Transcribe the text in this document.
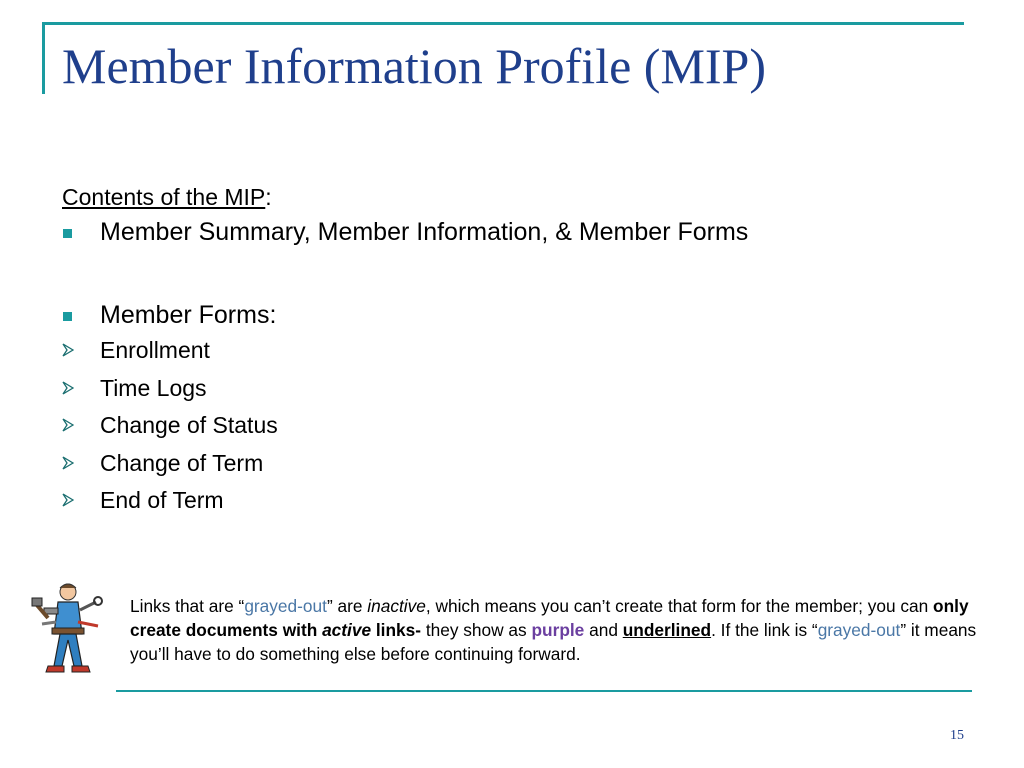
Member Information Profile (MIP)
Contents of the MIP:
Member Summary, Member Information, & Member Forms
Member Forms:
Enrollment
Time Logs
Change of Status
Change of Term
End of Term
Links that are “grayed-out” are inactive, which means you can’t create that form for the member; you can only create documents with active links- they show as purple and underlined. If the link is “grayed-out” it means you’ll have to do something else before continuing forward.
15
